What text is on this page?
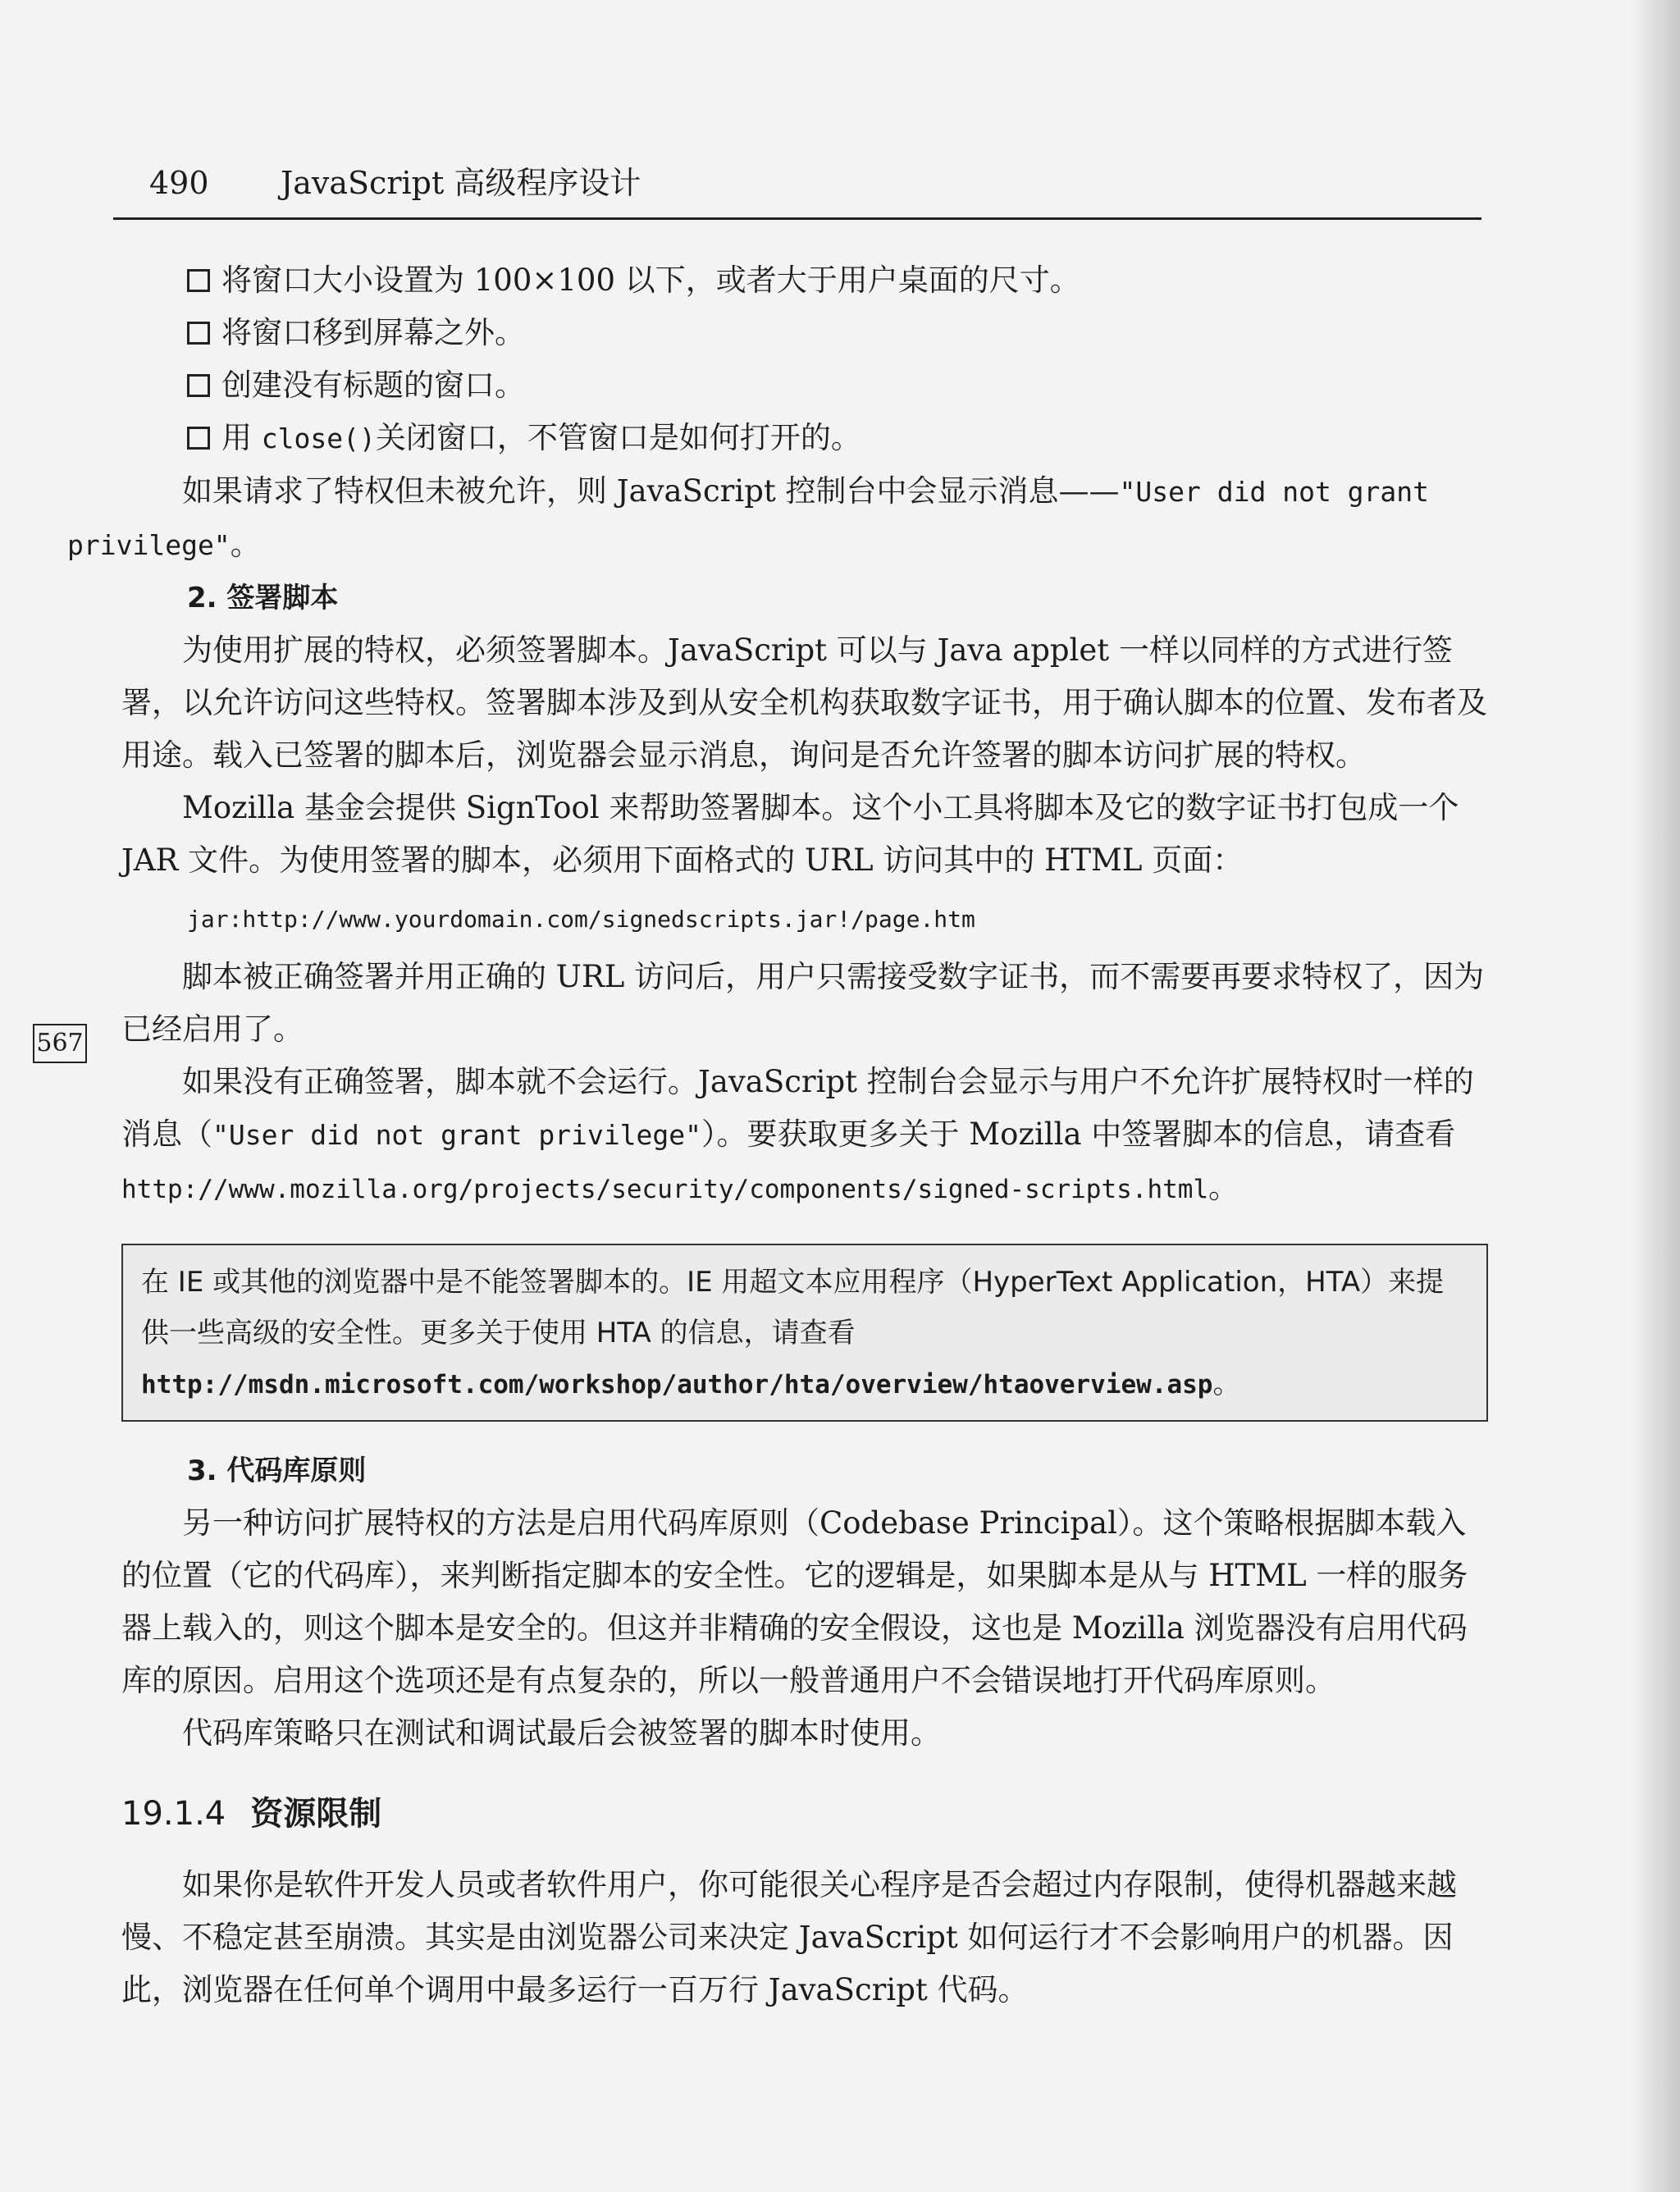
490 JavaScript 高级程序设计
567
将窗口大小设置为 100×100 以下，或者大于用户桌面的尺寸。
将窗口移到屏幕之外。
创建没有标题的窗口。
用 close()关闭窗口，不管窗口是如何打开的。

如果请求了特权但未被允许，则 JavaScript 控制台中会显示消息——"User did not grant
privilege"。

2. 签署脚本

为使用扩展的特权，必须签署脚本。JavaScript 可以与 Java applet 一样以同样的方式进行签署，以允许访问这些特权。签署脚本涉及到从安全机构获取数字证书，用于确认脚本的位置、发布者及用途。载入已签署的脚本后，浏览器会显示消息，询问是否允许签署的脚本访问扩展的特权。

Mozilla 基金会提供 SignTool 来帮助签署脚本。这个小工具将脚本及它的数字证书打包成一个 JAR 文件。为使用签署的脚本，必须用下面格式的 URL 访问其中的 HTML 页面：

jar:http://www.yourdomain.com/signedscripts.jar!/page.htm

脚本被正确签署并用正确的 URL 访问后，用户只需接受数字证书，而不需要再要求特权了，因为已经启用了。

如果没有正确签署，脚本就不会运行。JavaScript 控制台会显示与用户不允许扩展特权时一样的消息（"User did not grant privilege"）。要获取更多关于 Mozilla 中签署脚本的信息，请查看 http://www.mozilla.org/projects/security/components/signed-scripts.html。

在 IE 或其他的浏览器中是不能签署脚本的。IE 用超文本应用程序（HyperText Application，HTA）来提供一些高级的安全性。更多关于使用 HTA 的信息，请查看 http://msdn.microsoft.com/workshop/author/hta/overview/htaoverview.asp。
3. 代码库原则

另一种访问扩展特权的方法是启用代码库原则（Codebase Principal）。这个策略根据脚本载入的位置（它的代码库），来判断指定脚本的安全性。它的逻辑是，如果脚本是从与 HTML 一样的服务器上载入的，则这个脚本是安全的。但这并非精确的安全假设，这也是 Mozilla 浏览器没有启用代码库的原因。启用这个选项还是有点复杂的，所以一般普通用户不会错误地打开代码库原则。

代码库策略只在测试和调试最后会被签署的脚本时使用。

19.1.4 资源限制

如果你是软件开发人员或者软件用户，你可能很关心程序是否会超过内存限制，使得机器越来越慢、不稳定甚至崩溃。其实是由浏览器公司来决定 JavaScript 如何运行才不会影响用户的机器。因此，浏览器在任何单个调用中最多运行一百万行 JavaScript 代码。
